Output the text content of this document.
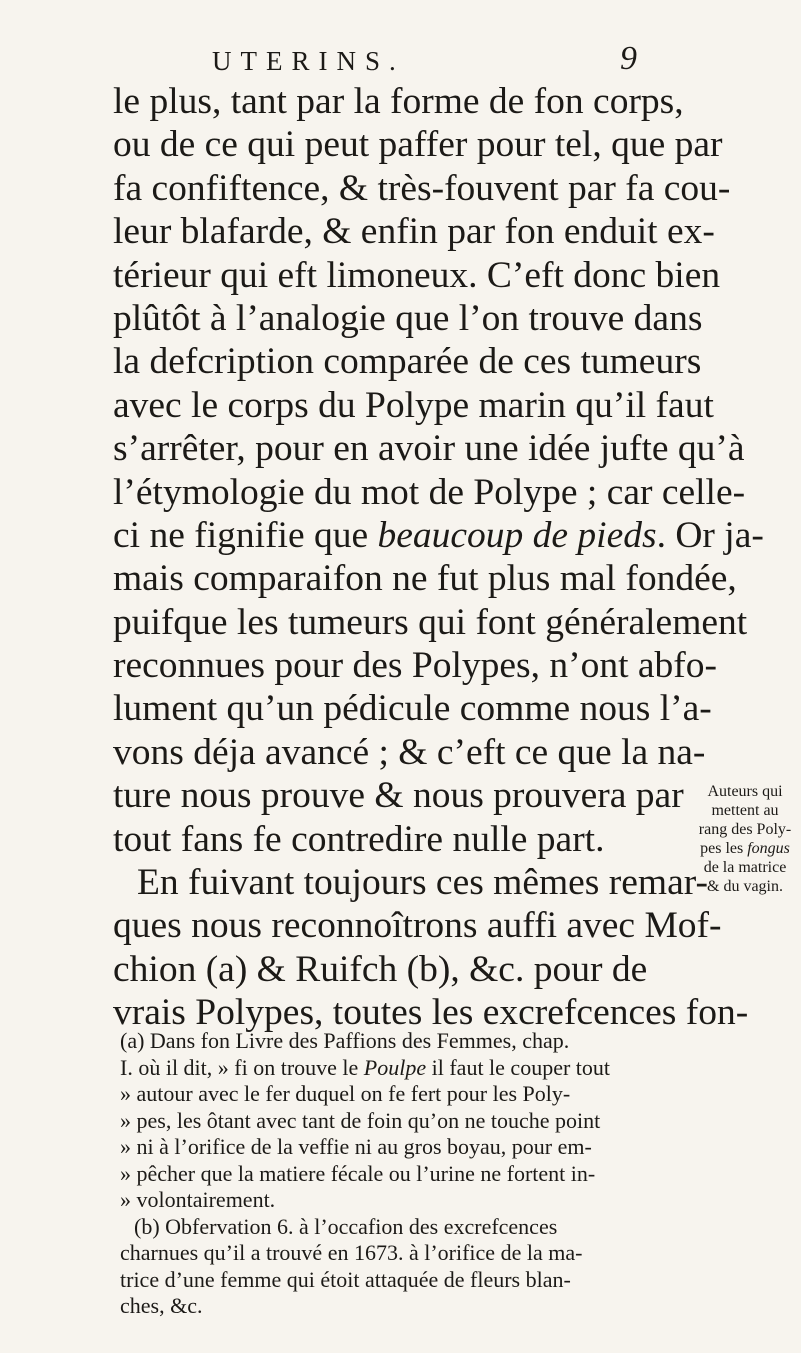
UTERINS.	9
le plus, tant par la forme de fon corps,
ou de ce qui peut paffer pour tel, que par
fa confiftence, & très-fouvent par fa cou-
leur blafarde, & enfin par fon enduit ex-
térieur qui eft limoneux. C’eft donc bien
plûtôt à l’analogie que l’on trouve dans
la defcription comparée de ces tumeurs
avec le corps du Polype marin qu’il faut
s’arrêter, pour en avoir une idée jufte qu’à
l’étymologie du mot de Polype ; car celle-
ci ne fignifie que beaucoup de pieds. Or ja-
mais comparaifon ne fut plus mal fondée,
puifque les tumeurs qui font généralement
reconnues pour des Polypes, n’ont abfo-
lument qu’un pédicule comme nous l’a-
vons déja avancé ; & c’eft ce que la na-
ture nous prouve & nous prouvera par
tout fans fe contredire nulle part.
En fuivant toujours ces mêmes remar-
ques nous reconnoîtrons auffi avec Mof-
chion (a) & Ruifch (b), &c. pour de
vrais Polypes, toutes les excrefcences fon-
Auteurs qui
mettent au
rang des Poly-
pes les fongus
de la matrice
& du vagin.
(a) Dans fon Livre des Paffions des Femmes, chap.
I. où il dit, » fi on trouve le Poulpe il faut le couper tout
» autour avec le fer duquel on fe fert pour les Poly-
» pes, les ôtant avec tant de foin qu’on ne touche point
» ni à l’orifice de la veffie ni au gros boyau, pour em-
» pêcher que la matiere fécale ou l’urine ne fortent in-
» volontairement.
(b) Obfervation 6. à l’occafion des excrefcences
charnues qu’il a trouvé en 1673. à l’orifice de la ma-
trice d’une femme qui étoit attaquée de fleurs blan-
ches, &c.
